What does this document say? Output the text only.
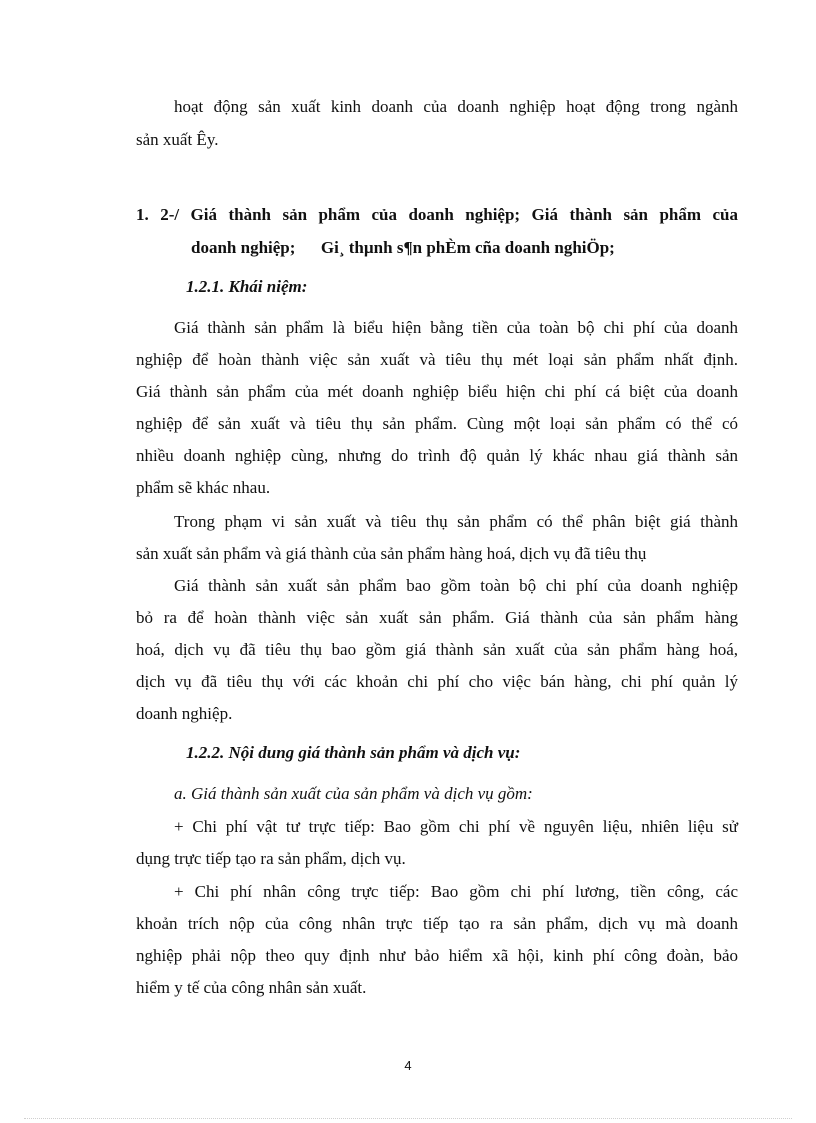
hoạt động sản xuất kinh doanh của doanh nghiệp hoạt động trong ngành
sản xuất Êy.
1. 2-/ Giá thành sản phẩm của doanh nghiệp; Giá thành sản phẩm của
doanh nghiệp;      Gi¸ thµnh s¶n phÈm cña doanh nghiÖp;
1.2.1. Khái niệm:
Giá thành sản phẩm là biểu hiện bằng tiền của toàn bộ chi phí của doanh
nghiệp để hoàn thành việc sản xuất và tiêu thụ mét loại sản phẩm nhất định.
Giá thành sản phẩm của mét doanh nghiệp biểu hiện chi phí cá biệt của doanh
nghiệp để sản xuất và tiêu thụ sản phẩm. Cùng một loại sản phẩm có thể có
nhiều doanh nghiệp cùng, nhưng do trình độ quản lý khác nhau giá thành sản
phẩm sẽ khác nhau.
Trong phạm vi sản xuất và tiêu thụ sản phẩm có thể phân biệt giá thành
sản xuất sản phẩm và giá thành của sản phẩm hàng hoá, dịch vụ đã tiêu thụ
Giá thành sản xuất sản phẩm bao gồm toàn bộ chi phí của doanh nghiệp
bỏ ra để hoàn thành việc sản xuất sản phẩm. Giá thành của sản phẩm hàng
hoá, dịch vụ đã tiêu thụ bao gồm giá thành sản xuất của sản phẩm hàng hoá,
dịch vụ đã tiêu thụ với các khoản chi phí cho việc bán hàng, chi phí quản lý
doanh nghiệp.
1.2.2. Nội dung giá thành sản phẩm và dịch vụ:
a. Giá thành sản xuất của sản phẩm và dịch vụ gồm:
+ Chi phí vật tư trực tiếp: Bao gồm chi phí về nguyên liệu, nhiên liệu sử
dụng trực tiếp tạo ra sản phẩm, dịch vụ.
+ Chi phí nhân công trực tiếp: Bao gồm chi phí lương, tiền công, các
khoản trích nộp của công nhân trực tiếp tạo ra sản phẩm, dịch vụ mà doanh
nghiệp phải nộp theo quy định như bảo hiểm xã hội, kinh phí công đoàn, bảo
hiểm y tế của công nhân sản xuất.
4
